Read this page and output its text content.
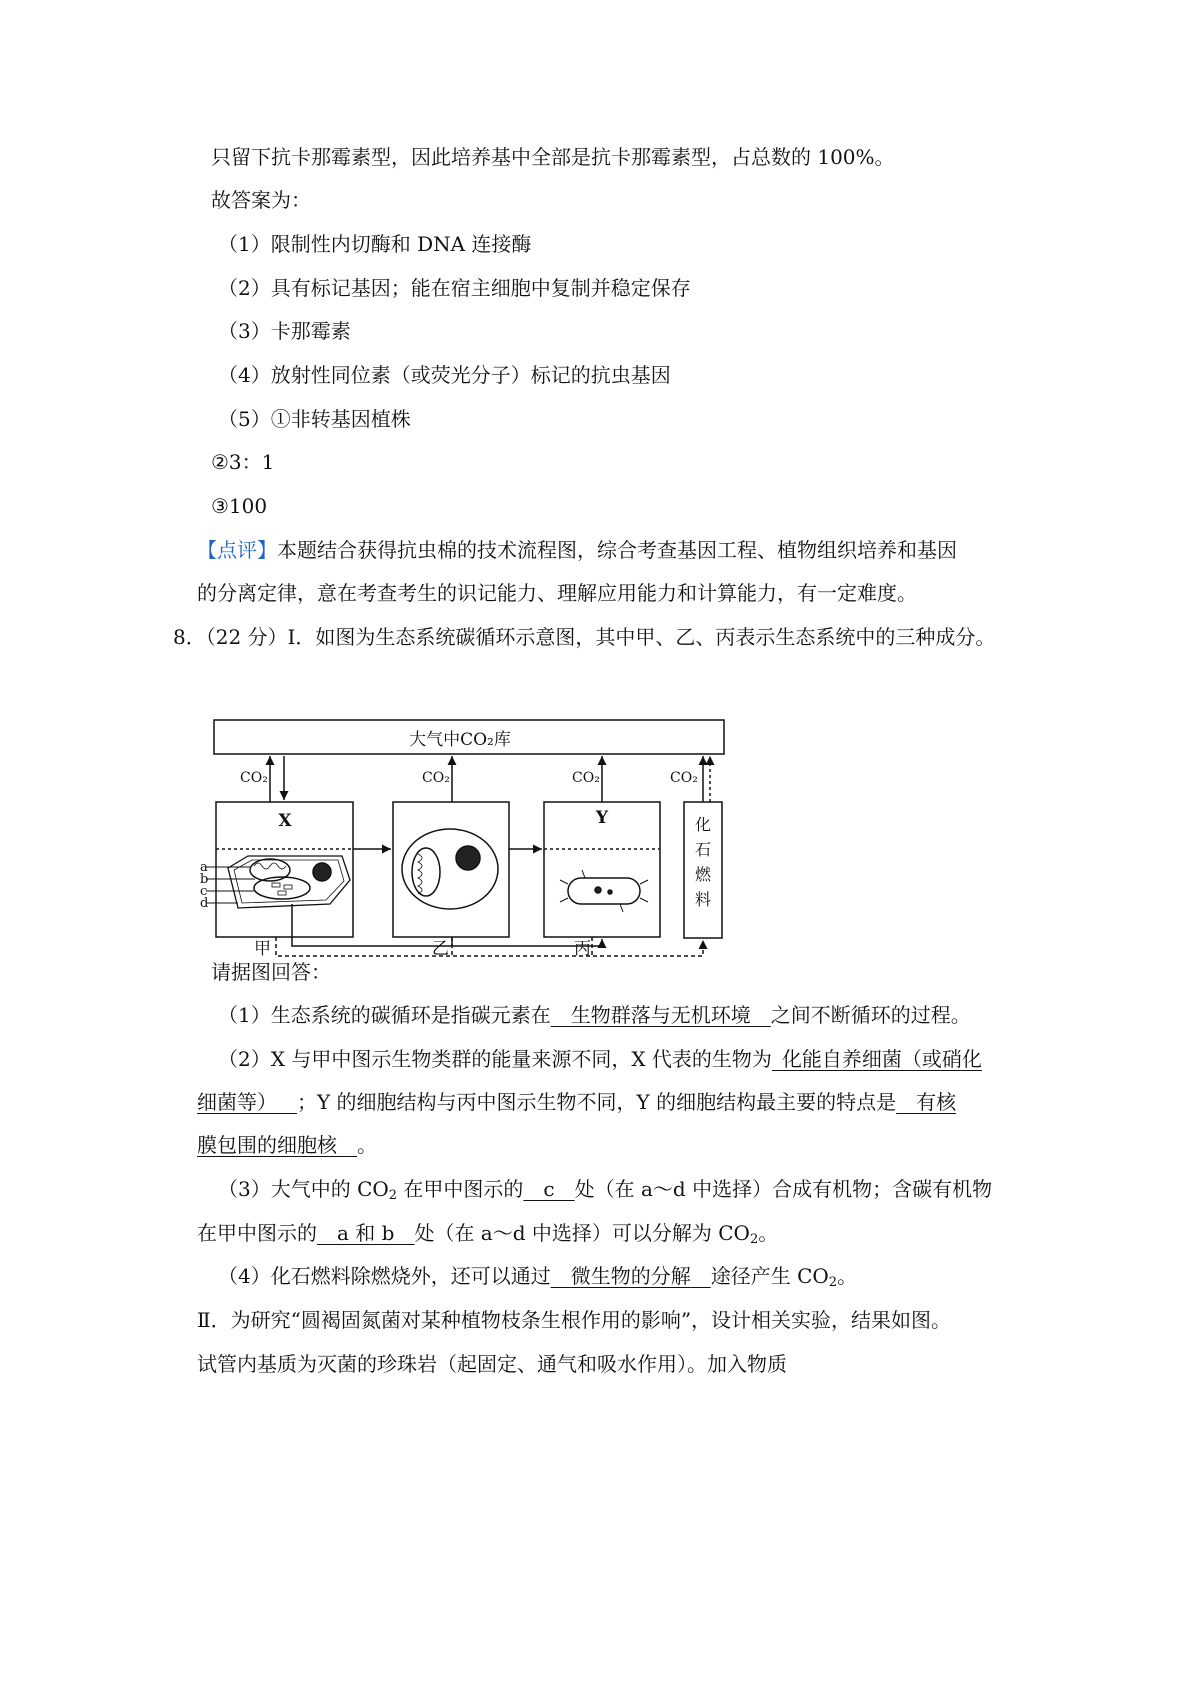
只留下抗卡那霉素型，因此培养基中全部是抗卡那霉素型，占总数的 100%。
故答案为：
（1）限制性内切酶和 DNA 连接酶
（2）具有标记基因；能在宿主细胞中复制并稳定保存
（3）卡那霉素
（4）放射性同位素（或荧光分子）标记的抗虫基因
（5）①非转基因植株
②3：1
③100
【点评】本题结合获得抗虫棉的技术流程图，综合考查基因工程、植物组织培养和基因
的分离定律，意在考查考生的识记能力、理解应用能力和计算能力，有一定难度。
8．（22 分）I．如图为生态系统碳循环示意图，其中甲、乙、丙表示生态系统中的三种成分。
大气中CO₂库
CO₂	CO₂	CO₂	CO₂
X	Y	化
石
燃
料
a
b
c
d
甲	乙	丙
请据图回答：
（1）生态系统的碳循环是指碳元素在  生物群落与无机环境  之间不断循环的过程。
（2）X 与甲中图示生物类群的能量来源不同，X 代表的生物为  化能自养细菌（或硝化
细菌等）  ；Y 的细胞结构与丙中图示生物不同，Y 的细胞结构最主要的特点是  有核
膜包围的细胞核  。
（3）大气中的 $CO_2$ 在甲中图示的  c  处（在 a～d 中选择）合成有机物；含碳有机物
在甲中图示的  a 和 b  处（在 a～d 中选择）可以分解为 $CO_2$。
（4）化石燃料除燃烧外，还可以通过  微生物的分解  途径产生 $CO_2$。
Ⅱ．为研究“圆褐固氮菌对某种植物枝条生根作用的影响”，设计相关实验，结果如图。
试管内基质为灭菌的珍珠岩（起固定、通气和吸水作用）。加入物质
